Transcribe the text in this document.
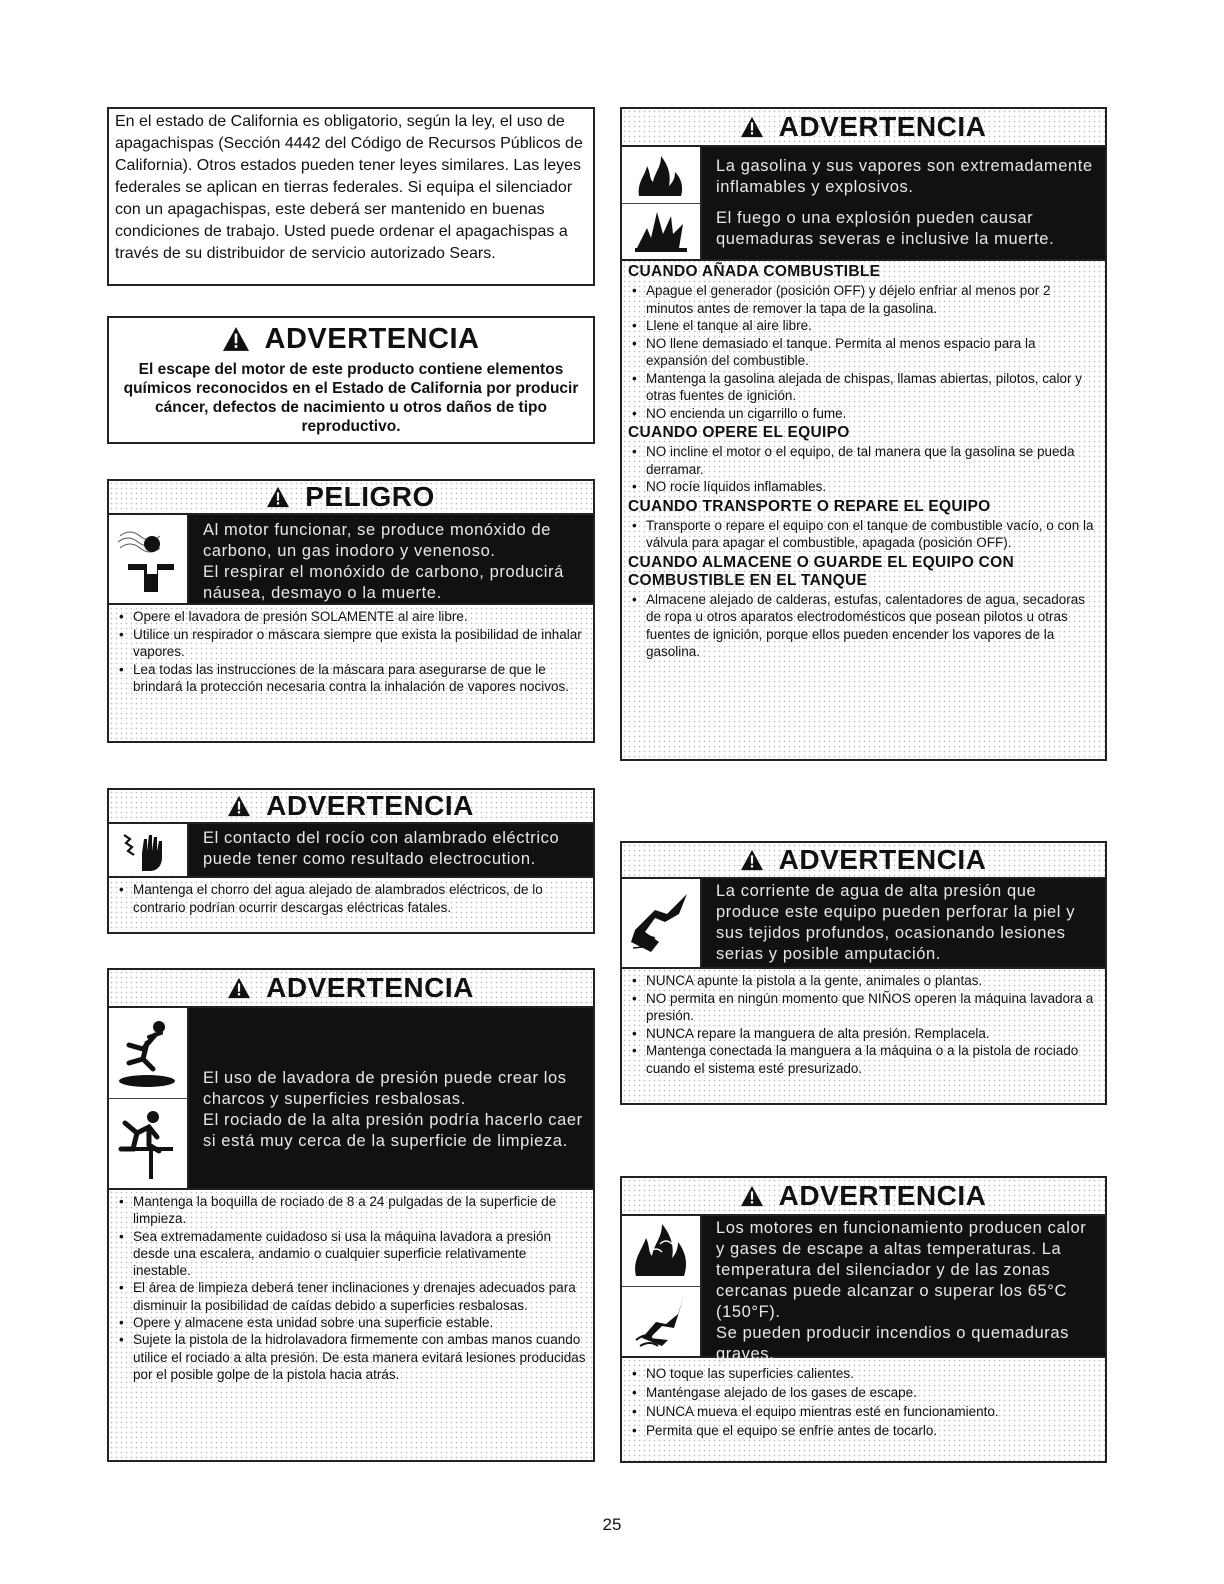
En el estado de California es obligatorio, según la ley, el uso de apagachispas (Sección 4442 del Código de Recursos Públicos de California). Otros estados pueden tener leyes similares. Las leyes federales se aplican en tierras federales. Si equipa el silenciador con un apagachispas, este deberá ser mantenido en buenas condiciones de trabajo. Usted puede ordenar el apagachispas a través de su distribuidor de servicio autorizado Sears.
ADVERTENCIA
El escape del motor de este producto contiene elementos químicos reconocidos en el Estado de California por producir cáncer, defectos de nacimiento u otros daños de tipo reproductivo.
PELIGRO

Al motor funcionar, se produce monóxido de carbono, un gas inodoro y venenoso.

El respirar el monóxido de carbono, producirá náusea, desmayo o la muerte.

• Opere el lavadora de presión SOLAMENTE al aire libre.
• Utilice un respirador o máscara siempre que exista la posibilidad de inhalar vapores.
• Lea todas las instrucciones de la máscara para asegurarse de que le brindará la protección necesaria contra la inhalación de vapores nocivos.
ADVERTENCIA

El contacto del rocío con alambrado eléctrico puede tener como resultado electrocution.

• Mantenga el chorro del agua alejado de alambrados eléctricos, de lo contrario podrían ocurrir descargas eléctricas fatales.
ADVERTENCIA

El uso de lavadora de presión puede crear los charcos y superficies resbalosas.

El rociado de la alta presión podría hacerlo caer si está muy cerca de la superficie de limpieza.

• Mantenga la boquilla de rociado de 8 a 24 pulgadas de la superficie de limpieza.
• Sea extremadamente cuidadoso si usa la máquina lavadora a presión desde una escalera, andamio o cualquier superficie relativamente inestable.
• El área de limpieza deberá tener inclinaciones y drenajes adecuados para disminuir la posibilidad de caídas debido a superficies resbalosas.
• Opere y almacene esta unidad sobre una superficie estable.
• Sujete la pistola de la hidrolavadora firmemente con ambas manos cuando utilice el rociado a alta presión. De esta manera evitará lesiones producidas por el posible golpe de la pistola hacia atrás.
ADVERTENCIA

La gasolina y sus vapores son extremadamente inflamables y explosivos.

El fuego o una explosión pueden causar quemaduras severas e inclusive la muerte.

CUANDO AÑADA COMBUSTIBLE
• Apague el generador (posición OFF) y déjelo enfriar al menos por 2 minutos antes de remover la tapa de la gasolina.
• Llene el tanque al aire libre.
• NO llene demasiado el tanque. Permita al menos espacio para la expansión del combustible.
• Mantenga la gasolina alejada de chispas, llamas abiertas, pilotos, calor y otras fuentes de ignición.
• NO encienda un cigarrillo o fume.
CUANDO OPERE EL EQUIPO
• NO incline el motor o el equipo, de tal manera que la gasolina se pueda derramar.
• NO rocíe líquidos inflamables.
CUANDO TRANSPORTE O REPARE EL EQUIPO
• Transporte o repare el equipo con el tanque de combustible vacío, o con la válvula para apagar el combustible, apagada (posición OFF).
CUANDO ALMACENE O GUARDE EL EQUIPO CON COMBUSTIBLE EN EL TANQUE
• Almacene alejado de calderas, estufas, calentadores de agua, secadoras de ropa u otros aparatos electrodomésticos que posean pilotos u otras fuentes de ignición, porque ellos pueden encender los vapores de la gasolina.
ADVERTENCIA

La corriente de agua de alta presión que produce este equipo pueden perforar la piel y sus tejidos profundos, ocasionando lesiones serias y posible amputación.

• NUNCA apunte la pistola a la gente, animales o plantas.
• NO permita en ningún momento que NIÑOS operen la máquina lavadora a presión.
• NUNCA repare la manguera de alta presión. Remplacela.
• Mantenga conectada la manguera a la máquina o a la pistola de rociado cuando el sistema esté presurizado.
ADVERTENCIA

Los motores en funcionamiento producen calor y gases de escape a altas temperaturas. La temperatura del silenciador y de las zonas cercanas puede alcanzar o superar los 65°C (150°F).

Se pueden producir incendios o quemaduras graves.

• NO toque las superficies calientes.
• Manténgase alejado de los gases de escape.
• NUNCA mueva el equipo mientras esté en funcionamiento.
• Permita que el equipo se enfríe antes de tocarlo.
25
